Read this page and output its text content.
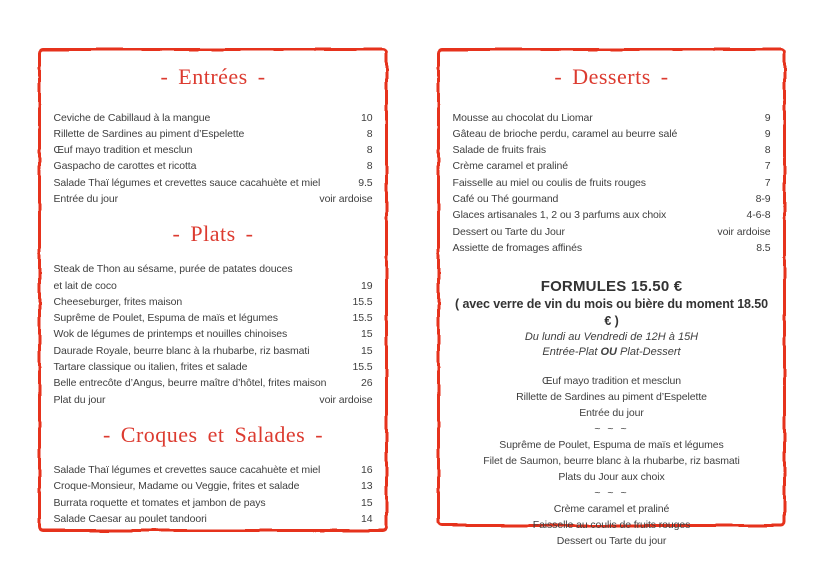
- Entrées -
Ceviche de Cabillaud à la mangue	10
Rillette de Sardines au piment d’Espelette	8
Œuf mayo tradition et mesclun	8
Gaspacho de carottes et ricotta	8
Salade Thaï légumes et crevettes sauce cacahuète et miel	9.5
Entrée du jour	voir ardoise
- Plats -
Steak de Thon au sésame, purée de patates douces
et lait de coco	19
Cheeseburger, frites maison	15.5
Suprême de Poulet, Espuma de maïs et légumes	15.5
Wok de légumes de printemps et nouilles chinoises	15
Daurade Royale, beurre blanc à la rhubarbe, riz basmati	15
Tartare classique ou italien, frites et salade	15.5
Belle entrecôte d’Angus, beurre maître d’hôtel, frites maison	26
Plat du jour	voir ardoise
- Croques et Salades -
Salade Thaï légumes et crevettes sauce cacahuète et miel	16
Croque-Monsieur, Madame ou Veggie, frites et salade	13
Burrata roquette et tomates et jambon de pays	15
Salade Caesar au poulet tandoori	14
- Desserts -
Mousse au chocolat du Liomar	9
Gâteau de brioche perdu, caramel au beurre salé	9
Salade de fruits frais	8
Crème caramel et praliné	7
Faisselle au miel ou coulis de fruits rouges	7
Café ou Thé gourmand	8-9
Glaces artisanales 1, 2 ou 3 parfums aux choix	4-6-8
Dessert ou Tarte du Jour	voir ardoise
Assiette de fromages affinés	8.5
FORMULES 15.50 €
( avec verre de vin du mois ou bière du moment 18.50 € )
Du lundi au Vendredi de 12H à 15H
Entrée-Plat OU Plat-Dessert
Œuf mayo tradition et mesclun
Rillette de Sardines au piment d’Espelette
Entrée du jour
~ ~ ~
Suprême de Poulet, Espuma de maïs et légumes
Filet de Saumon, beurre blanc à la rhubarbe, riz basmati
Plats du Jour aux choix
~ ~ ~
Crème caramel et praliné
Faisselle au coulis de fruits rouges
Dessert ou Tarte du jour
